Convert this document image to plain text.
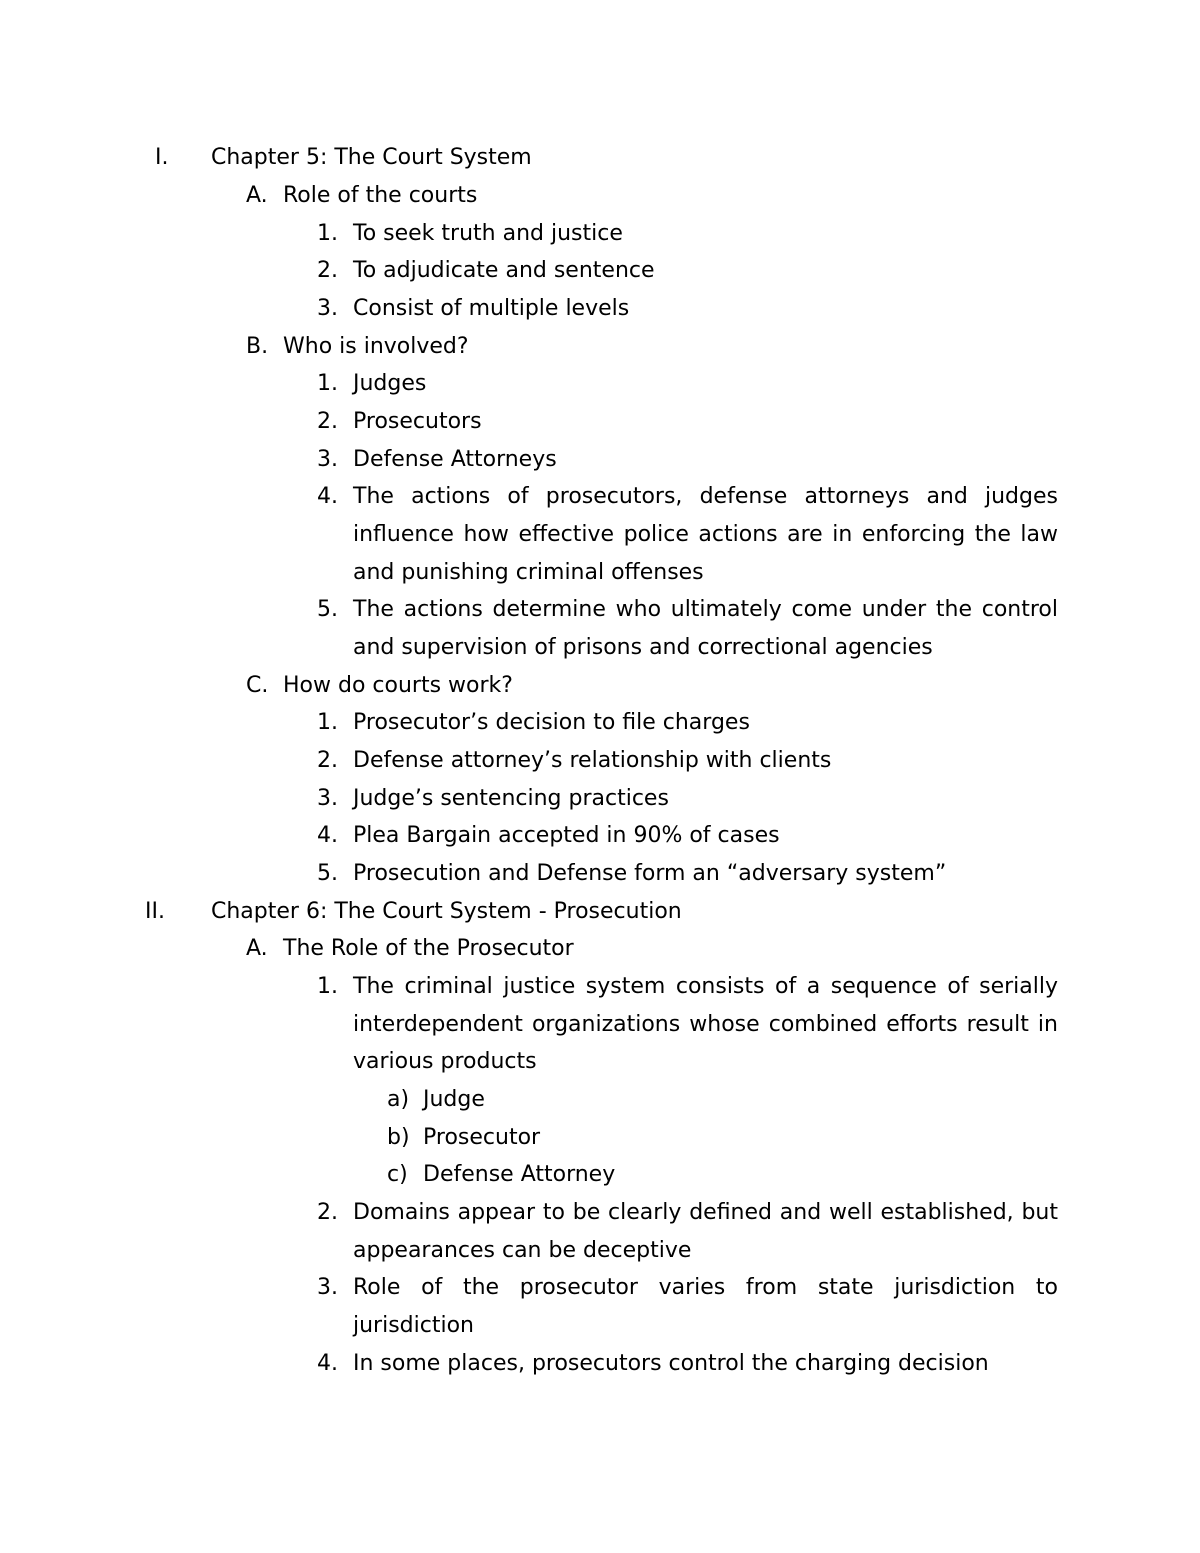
I. Chapter 5: The Court System
A. Role of the courts
1. To seek truth and justice
2. To adjudicate and sentence
3. Consist of multiple levels
B. Who is involved?
1. Judges
2. Prosecutors
3. Defense Attorneys
4. The actions of prosecutors, defense attorneys and judges
influence how effective police actions are in enforcing the law
and punishing criminal offenses
5. The actions determine who ultimately come under the control
and supervision of prisons and correctional agencies
C. How do courts work?
1. Prosecutor’s decision to file charges
2. Defense attorney’s relationship with clients
3. Judge’s sentencing practices
4. Plea Bargain accepted in 90% of cases
5. Prosecution and Defense form an “adversary system”
II. Chapter 6: The Court System - Prosecution
A. The Role of the Prosecutor
1. The criminal justice system consists of a sequence of serially
interdependent organizations whose combined efforts result in
various products
a) Judge
b) Prosecutor
c) Defense Attorney
2. Domains appear to be clearly defined and well established, but
appearances can be deceptive
3. Role of the prosecutor varies from state jurisdiction to
jurisdiction
4. In some places, prosecutors control the charging decision
